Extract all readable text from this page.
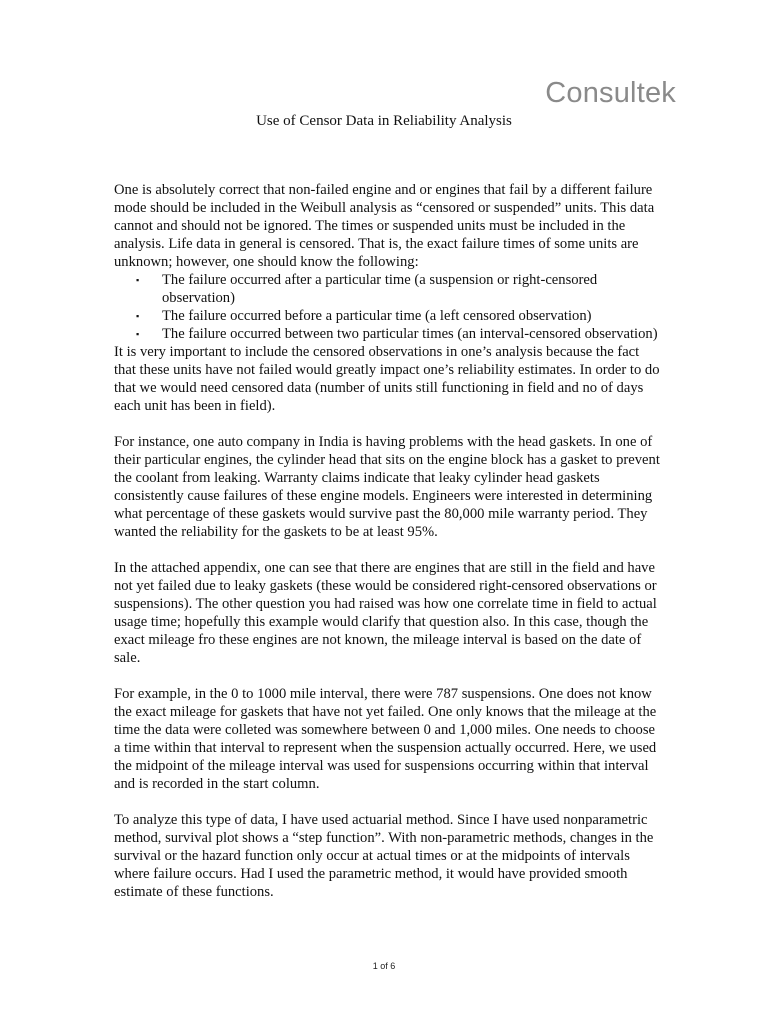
Consultek
Use of Censor Data in Reliability Analysis

One is absolutely correct that non-failed engine and or engines that fail by a different failure mode should be included in the Weibull analysis as “censored or suspended” units. This data cannot and should not be ignored. The times or suspended units must be included in the analysis. Life data in general is censored. That is, the exact failure times of some units are unknown; however, one should know the following:

▪ The failure occurred after a particular time (a suspension or right-censored observation)
▪ The failure occurred before a particular time (a left censored observation)
▪ The failure occurred between two particular times (an interval-censored observation)

It is very important to include the censored observations in one’s analysis because the fact that these units have not failed would greatly impact one’s reliability estimates. In order to do that we would need censored data (number of units still functioning in field and no of days each unit has been in field).

For instance, one auto company in India is having problems with the head gaskets. In one of their particular engines, the cylinder head that sits on the engine block has a gasket to prevent the coolant from leaking. Warranty claims indicate that leaky cylinder head gaskets consistently cause failures of these engine models. Engineers were interested in determining what percentage of these gaskets would survive past the 80,000 mile warranty period. They wanted the reliability for the gaskets to be at least 95%.

In the attached appendix, one can see that there are engines that are still in the field and have not yet failed due to leaky gaskets (these would be considered right-censored observations or suspensions). The other question you had raised was how one correlate time in field to actual usage time; hopefully this example would clarify that question also. In this case, though the exact mileage fro these engines are not known, the mileage interval is based on the date of sale.

For example, in the 0 to 1000 mile interval, there were 787 suspensions. One does not know the exact mileage for gaskets that have not yet failed. One only knows that the mileage at the time the data were colleted was somewhere between 0 and 1,000 miles. One needs to choose a time within that interval to represent when the suspension actually occurred. Here, we used the midpoint of the mileage interval was used for suspensions occurring within that interval and is recorded in the start column.

To analyze this type of data, I have used actuarial method. Since I have used nonparametric method, survival plot shows a “step function”. With non-parametric methods, changes in the survival or the hazard function only occur at actual times or at the midpoints of intervals where failure occurs. Had I used the parametric method, it would have provided smooth estimate of these functions.

1 of 6
